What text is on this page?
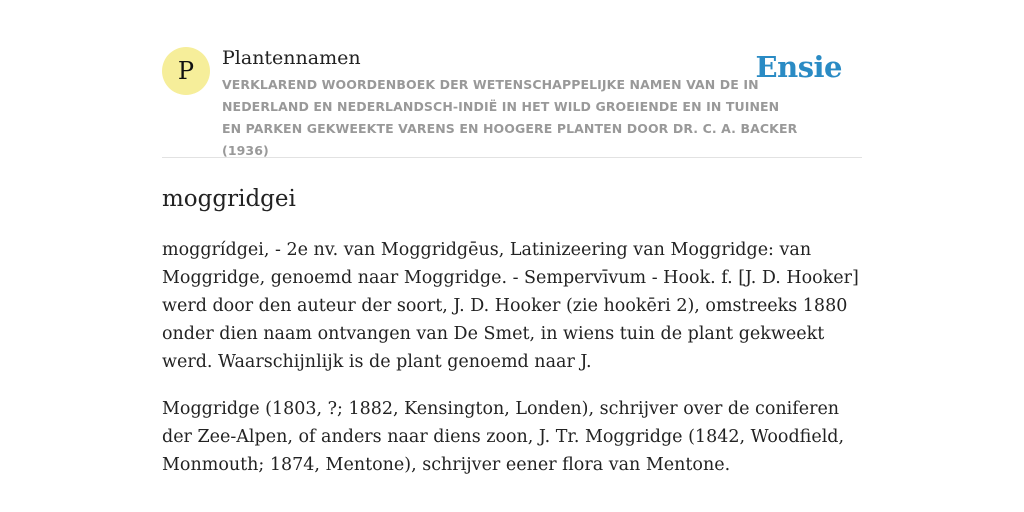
P	Plantennamen
VERKLAREND WOORDENBOEK DER WETENSCHAPPELIJKE NAMEN VAN DE IN NEDERLAND EN NEDERLANDSCH-INDIË IN HET WILD GROEIENDE EN IN TUINEN EN PARKEN GEKWEEKTE VARENS EN HOOGERE PLANTEN DOOR DR. C. A. BACKER (1936)
Ensie
moggridgei

moggrídgei, - 2e nv. van Moggridgēus, Latinizeering van Moggridge: van Moggridge, genoemd naar Moggridge. - Sempervīvum - Hook. f. [J. D. Hooker] werd door den auteur der soort, J. D. Hooker (zie hookēri 2), omstreeks 1880 onder dien naam ontvangen van De Smet, in wiens tuin de plant gekweekt werd. Waarschijnlijk is de plant genoemd naar J.

Moggridge (1803, ?; 1882, Kensington, Londen), schrijver over de coniferen der Zee-Alpen, of anders naar diens zoon, J. Tr. Moggridge (1842, Woodfield, Monmouth; 1874, Mentone), schrijver eener flora van Mentone.
